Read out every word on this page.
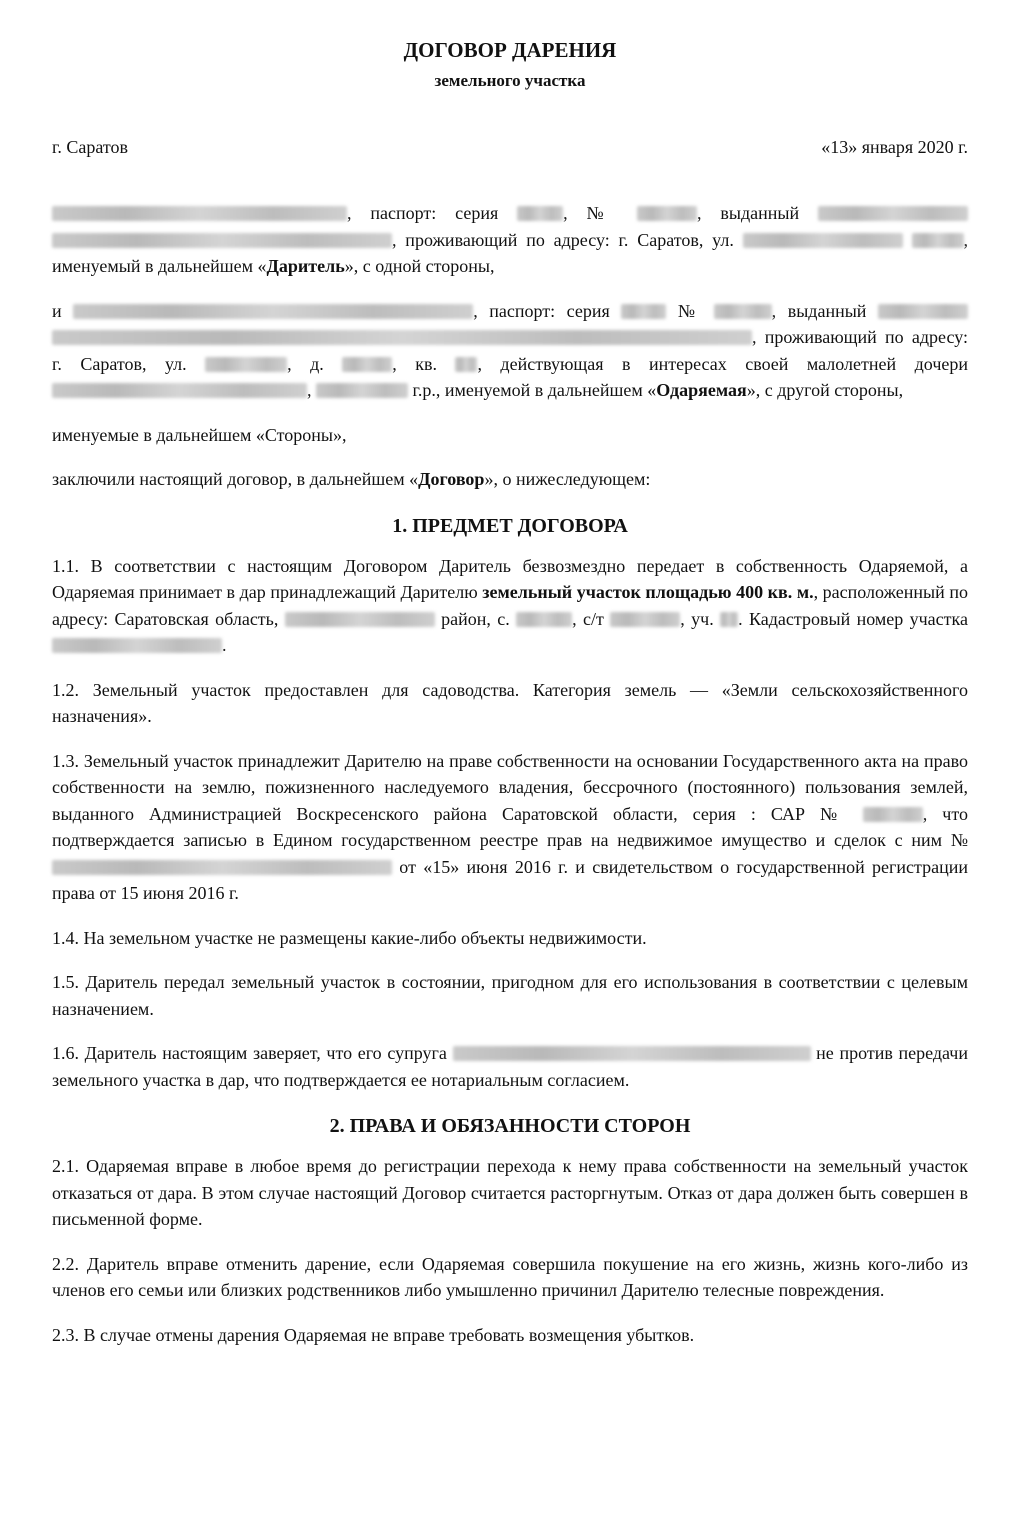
ДОГОВОР ДАРЕНИЯ
земельного участка
г. Саратов	«13» января 2020 г.

, паспорт: серия	, №	, выданный  , проживающий по адресу: г. Саратов, ул.	, именуемый в дальнейшем «Даритель», с одной стороны,

и	, паспорт: серия	№	, выданный  , проживающий по адресу: г. Саратов, ул.	, д.	, кв. , действующая в интересах своей малолетней дочери ,	г.р., именуемой в дальнейшем «Одаряемая», с другой стороны,

именуемые в дальнейшем «Стороны»,

заключили настоящий договор, в дальнейшем «Договор», о нижеследующем:

1. ПРЕДМЕТ ДОГОВОРА

1.1. В соответствии с настоящим Договором Даритель безвозмездно передает в собственность Одаряемой, а Одаряемая принимает в дар принадлежащий Дарителю земельный участок площадью 400 кв. м., расположенный по адресу: Саратовская область,	район, с.	, с/т	, уч. . Кадастровый номер участка .

1.2. Земельный участок предоставлен для садоводства. Категория земель — «Земли сельскохозяйственного назначения».

1.3. Земельный участок принадлежит Дарителю на праве собственности на основании Государственного акта на право собственности на землю, пожизненного наследуемого владения, бессрочного (постоянного) пользования землей, выданного Администрацией Воскресенского района Саратовской области, серия : САР №	, что подтверждается записью в Едином государственном реестре прав на недвижимое имущество и сделок с ним №  от «15» июня 2016 г. и свидетельством о государственной регистрации права от 15 июня 2016 г.

1.4. На земельном участке не размещены какие-либо объекты недвижимости.

1.5. Даритель передал земельный участок в состоянии, пригодном для его использования в соответствии с целевым назначением.

1.6. Даритель настоящим заверяет, что его супруга	не против передачи земельного участка в дар, что подтверждается ее нотариальным согласием.

2. ПРАВА И ОБЯЗАННОСТИ СТОРОН

2.1. Одаряемая вправе в любое время до регистрации перехода к нему права собственности на земельный участок отказаться от дара. В этом случае настоящий Договор считается расторгнутым. Отказ от дара должен быть совершен в письменной форме.

2.2. Даритель вправе отменить дарение, если Одаряемая совершила покушение на его жизнь, жизнь кого-либо из членов его семьи или близких родственников либо умышленно причинил Дарителю телесные повреждения.

2.3. В случае отмены дарения Одаряемая не вправе требовать возмещения убытков.
